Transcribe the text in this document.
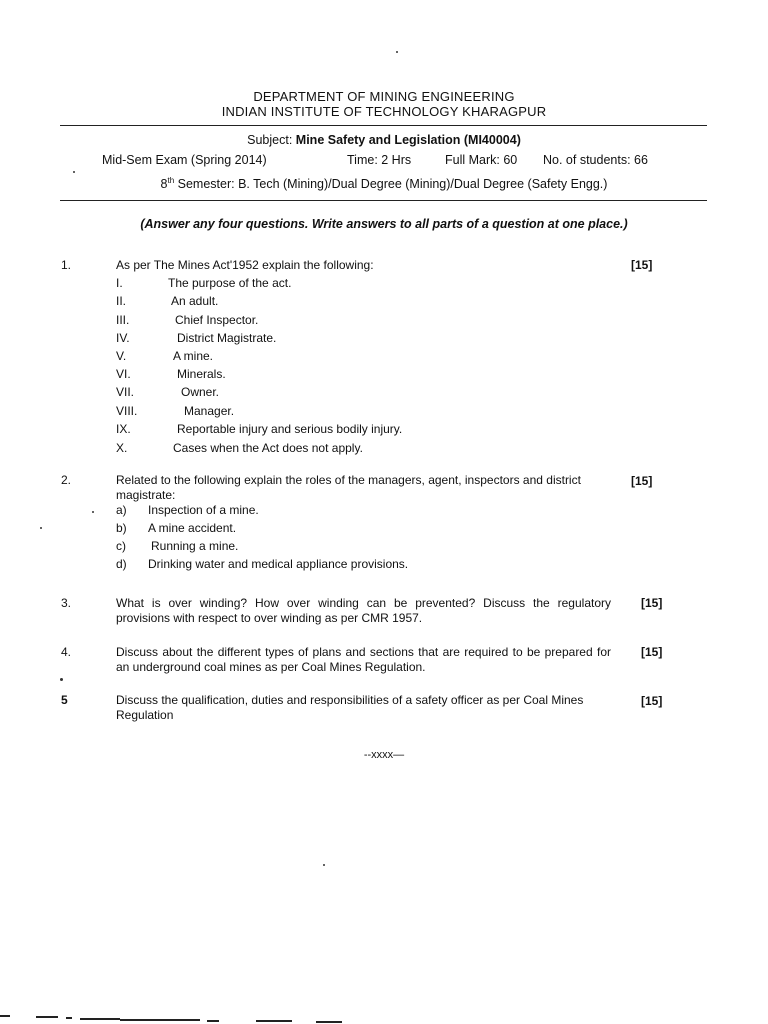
DEPARTMENT OF MINING ENGINEERING
INDIAN INSTITUTE OF TECHNOLOGY KHARAGPUR
Subject: Mine Safety and Legislation (MI40004)
Mid-Sem Exam (Spring 2014)	Time: 2 Hrs	Full Mark: 60 No. of students: 66
8th Semester: B. Tech (Mining)/Dual Degree (Mining)/Dual Degree (Safety Engg.)
(Answer any four questions. Write answers to all parts of a question at one place.)
1.	As per The Mines Act'1952 explain the following:	[15]
I.	The purpose of the act.
II.	An adult.
III.	Chief Inspector.
IV.	District Magistrate.
V.	A mine.
VI.	Minerals.
VII.	Owner.
VIII.	Manager.
IX.	Reportable injury and serious bodily injury.
X.	Cases when the Act does not apply.
2.	Related to the following explain the roles of the managers, agent, inspectors and district magistrate:
[15]
a) Inspection of a mine.
b) A mine accident.
c) Running a mine.
d) Drinking water and medical appliance provisions.
3.	What is over winding? How over winding can be prevented? Discuss the regulatory provisions with respect to over winding as per CMR 1957.
[15]
4.	Discuss about the different types of plans and sections that are required to be prepared for an underground coal mines as per Coal Mines Regulation.
[15]
5	Discuss the qualification, duties and responsibilities of a safety officer as per Coal Mines Regulation
[15]
--xxxx—
